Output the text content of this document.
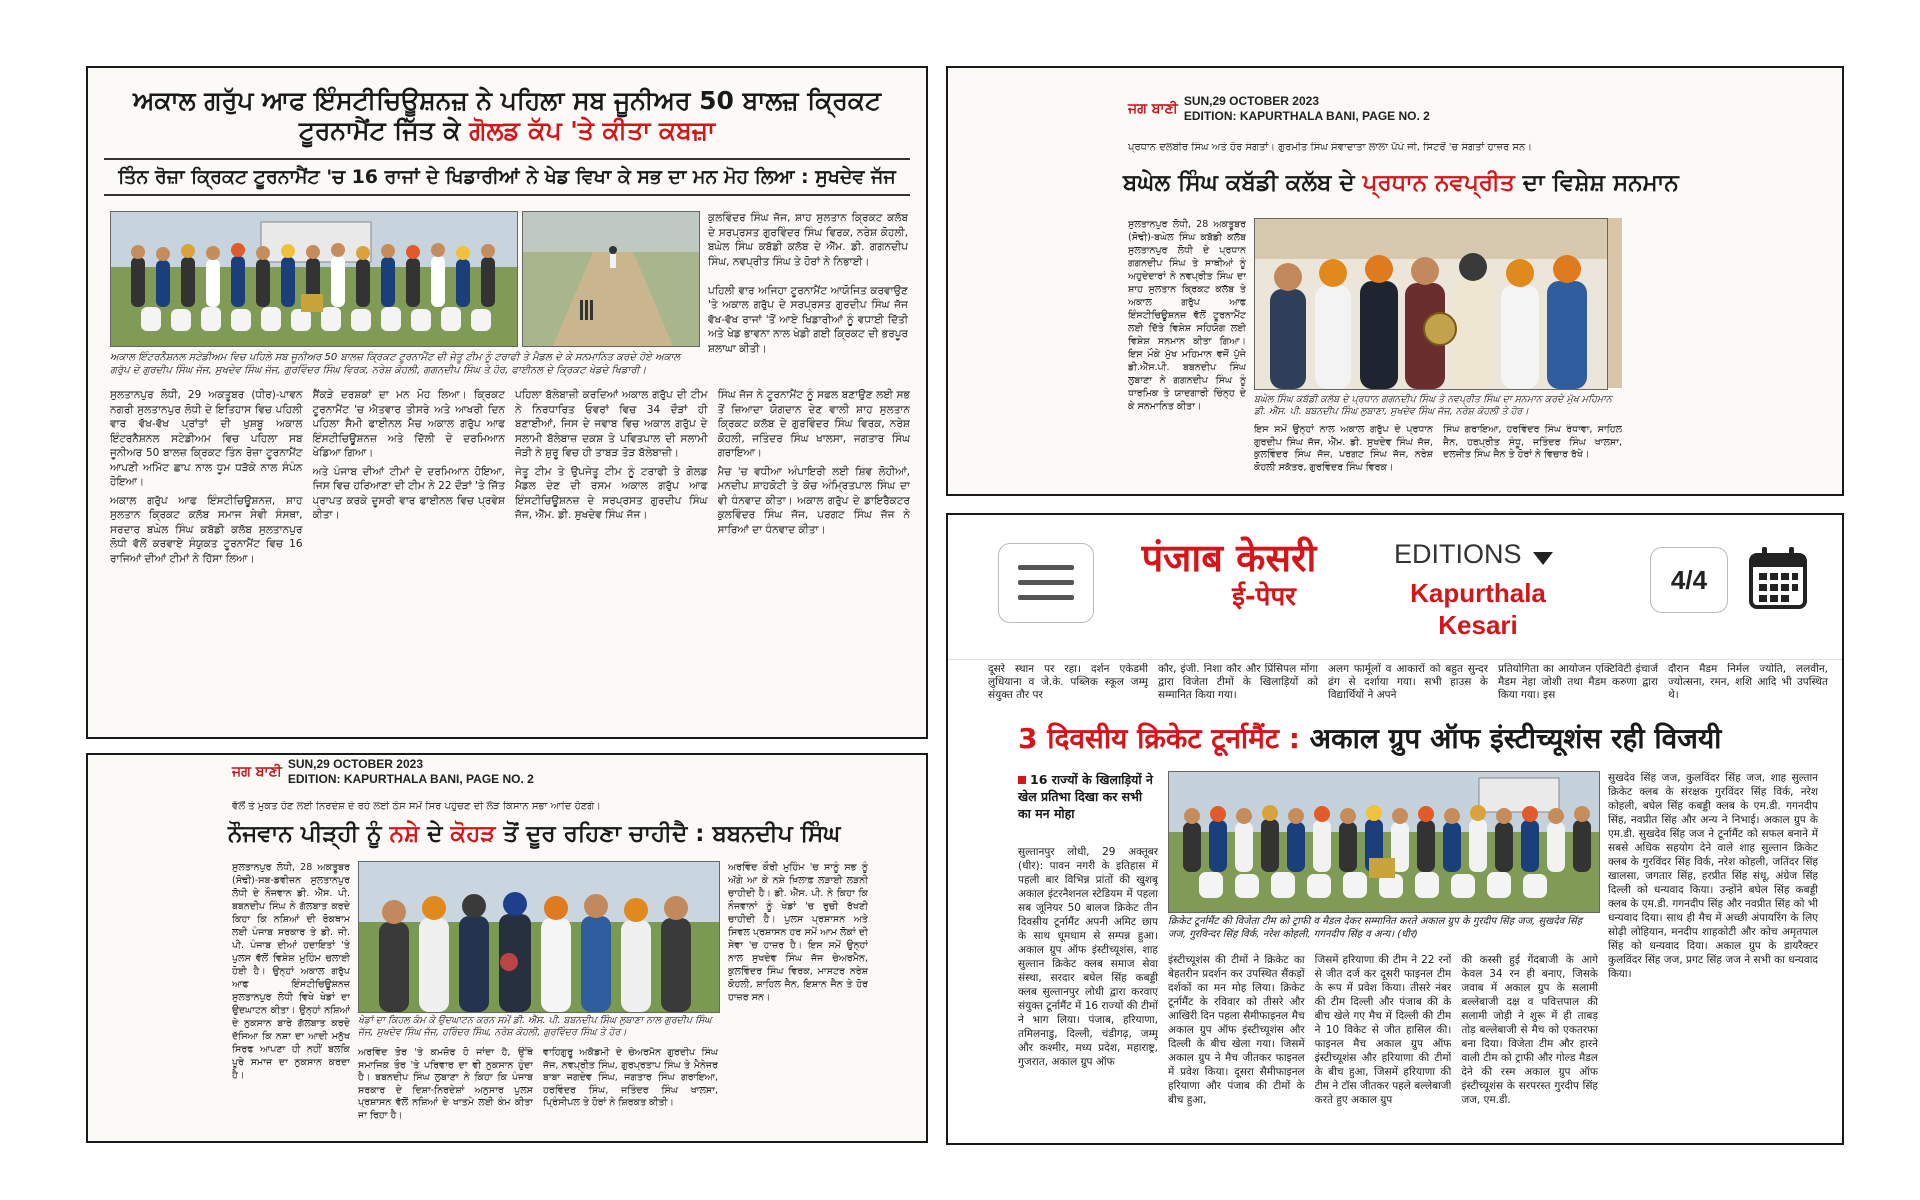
ਅਕਾਲ ਗਰੁੱਪ ਆਫ ਇੰਸਟੀਚਿਊਸ਼ਨਜ਼ ਨੇ ਪਹਿਲਾ ਸਬ ਜੂਨੀਅਰ 50 ਬਾਲਜ਼ ਕ੍ਰਿਕਟ ਟੂਰਨਾਮੈਂਟ ਜਿੱਤ ਕੇ ਗੋਲਡ ਕੱਪ 'ਤੇ ਕੀਤਾ ਕਬਜ਼ਾ
ਤਿੰਨ ਰੋਜ਼ਾ ਕ੍ਰਿਕਟ ਟੂਰਨਾਮੈਂਟ 'ਚ 16 ਰਾਜਾਂ ਦੇ ਖਿਡਾਰੀਆਂ ਨੇ ਖੇਡ ਵਿਖਾ ਕੇ ਸਭ ਦਾ ਮਨ ਮੋਹ ਲਿਆ : ਸੁਖਦੇਵ ਜੱਜ
ਅਕਾਲ ਇੰਟਰਨੈਸ਼ਨਲ ਸਟੇਡੀਅਮ ਵਿਚ ਪਹਿਲੇ ਸਬ ਜੂਨੀਅਰ 50 ਬਾਲਜ਼ ਕ੍ਰਿਕਟ ਟੂਰਨਾਮੈਂਟ ਦੀ ਜੇਤੂ ਟੀਮ ਨੂੰ ਟਰਾਫੀ ਤੇ ਮੈਡਲ ਦੇ ਕੇ ਸਨਮਾਨਿਤ ਕਰਦੇ ਹੋਏ ਅਕਾਲ ਗਰੁੱਪ ਦੇ ਗੁਰਦੀਪ ਸਿੰਘ ਜੱਜ, ਸੁਖਦੇਵ ਸਿੰਘ ਜੱਜ, ਗੁਰਵਿੰਦਰ ਸਿੰਘ ਵਿਰਕ, ਨਰੇਸ਼ ਕੋਹਲੀ, ਗਗਨਦੀਪ ਸਿੰਘ ਤੇ ਹੋਰ, ਫਾਈਨਲ ਦੇ ਕ੍ਰਿਕਟ ਖੇਡਦੇ ਖਿਡਾਰੀ।

ਕੁਲਵਿੰਦਰ ਸਿੰਘ ਜੱਜ, ਸ਼ਾਹ ਸੁਲਤਾਨ ਕ੍ਰਿਕਟ ਕਲੱਬ ਦੇ ਸਰਪ੍ਰਸਤ ਗੁਰਵਿੰਦਰ ਸਿੰਘ ਵਿਰਕ, ਨਰੇਸ਼ ਕੋਹਲੀ, ਬਘੇਲ ਸਿੰਘ ਕਬੱਡੀ ਕਲੱਬ ਦੇ ਐੱਮ. ਡੀ. ਗਗਨਦੀਪ ਸਿੰਘ, ਨਵਪ੍ਰੀਤ ਸਿੰਘ ਤੇ ਹੋਰਾਂ ਨੇ ਨਿਭਾਈ।

ਪਹਿਲੀ ਵਾਰ ਅਜਿਹਾ ਟੂਰਨਾਮੈਂਟ ਆਯੋਜਿਤ ਕਰਵਾਉਣ 'ਤੇ ਅਕਾਲ ਗਰੁੱਪ ਦੇ ਸਰਪ੍ਰਸਤ ਗੁਰਦੀਪ ਸਿੰਘ ਜੱਜ ਵੱਖ-ਵੱਖ ਰਾਜਾਂ 'ਤੋਂ ਆਏ ਖਿਡਾਰੀਆਂ ਨੂੰ ਵਧਾਈ ਦਿੱਤੀ ਅਤੇ ਖੇਡ ਭਾਵਨਾ ਨਾਲ ਖੇਡੀ ਗਈ ਕ੍ਰਿਕਟ ਦੀ ਭਰਪੂਰ ਸ਼ਲਾਘਾ ਕੀਤੀ।

ਸੁਲਤਾਨਪੁਰ ਲੋਧੀ, 29 ਅਕਤੂਬਰ (ਧੀਰ)-ਪਾਵਨ ਨਗਰੀ ਸੁਲਤਾਨਪੁਰ ਲੋਧੀ ਦੇ ਇਤਿਹਾਸ ਵਿਚ ਪਹਿਲੀ ਵਾਰ ਵੱਖ-ਵੱਖ ਪ੍ਰਾਂਤਾਂ ਦੀ ਖੁਸ਼ਬੂ ਅਕਾਲ ਇੰਟਰਨੈਸ਼ਨਲ ਸਟੇਡੀਅਮ ਵਿਚ ਪਹਿਲਾ ਸਬ ਜੂਨੀਅਰ 50 ਬਾਲਜ਼ ਕ੍ਰਿਕਟ ਤਿੰਨ ਰੋਜ਼ਾ ਟੂਰਨਾਮੈਂਟ ਆਪਣੀ ਅਮਿੱਟ ਛਾਪ ਨਾਲ ਧੂਮ ਧੜੱਕੇ ਨਾਲ ਸੰਪੰਨ ਹੋਇਆ।

ਅਕਾਲ ਗਰੁੱਪ ਆਫ ਇੰਸਟੀਚਿਊਸ਼ਨਜ਼, ਸ਼ਾਹ ਸੁਲਤਾਨ ਕ੍ਰਿਕਟ ਕਲੱਬ ਸਮਾਜ ਸੇਵੀ ਸੰਸਥਾ, ਸਰਦਾਰ ਬਘੇਲ ਸਿੰਘ ਕਬੱਡੀ ਕਲੱਬ ਸੁਲਤਾਨਪੁਰ ਲੋਧੀ ਵੱਲੋਂ ਕਰਵਾਏ ਸੰਯੁਕਤ ਟੂਰਨਾਮੈਂਟ ਵਿਚ 16 ਰਾਜਿਆਂ ਦੀਆਂ ਟੀਮਾਂ ਨੇ ਹਿੱਸਾ ਲਿਆ।

ਸੈਂਕੜੇ ਦਰਸ਼ਕਾਂ ਦਾ ਮਨ ਮੋਹ ਲਿਆ। ਕ੍ਰਿਕਟ ਟੂਰਨਾਮੈਂਟ 'ਚ ਐਤਵਾਰ ਤੀਸਰੇ ਅਤੇ ਆਖਰੀ ਦਿਨ ਪਹਿਲਾ ਸੈਮੀ ਫਾਈਨਲ ਮੈਚ ਅਕਾਲ ਗਰੁੱਪ ਆਫ ਇੰਸਟੀਚਿਊਸ਼ਨਜ਼ ਅਤੇ ਦਿੱਲੀ ਦੇ ਦਰਮਿਆਨ ਖੇਡਿਆ ਗਿਆ।

ਅਤੇ ਪੰਜਾਬ ਦੀਆਂ ਟੀਮਾਂ ਦੇ ਦਰਮਿਆਨ ਹੋਇਆ, ਜਿਸ ਵਿਚ ਹਰਿਆਣਾ ਦੀ ਟੀਮ ਨੇ 22 ਦੌੜਾਂ 'ਤੇ ਜਿੱਤ ਪ੍ਰਾਪਤ ਕਰਕੇ ਦੂਸਰੀ ਵਾਰ ਫਾਈਨਲ ਵਿਚ ਪ੍ਰਵੇਸ਼ ਕੀਤਾ।

ਪਹਿਲਾ ਬੱਲੇਬਾਜ਼ੀ ਕਰਦਿਆਂ ਅਕਾਲ ਗਰੁੱਪ ਦੀ ਟੀਮ ਨੇ ਨਿਰਧਾਰਿਤ ਓਵਰਾਂ ਵਿਚ 34 ਦੌੜਾਂ ਹੀ ਬਣਾਈਆਂ, ਜਿਸ ਦੇ ਜਵਾਬ ਵਿਚ ਅਕਾਲ ਗਰੁੱਪ ਦੇ ਸਲਾਮੀ ਬੱਲੇਬਾਜ਼ ਦਕਸ਼ ਤੇ ਪਵਿਤਪਾਲ ਦੀ ਸਲਾਮੀ ਜੋੜੀ ਨੇ ਸ਼ੁਰੂ ਵਿਚ ਹੀ ਤਾਬੜ ਤੋੜ ਬੱਲੇਬਾਜ਼ੀ।

ਜੇਤੂ ਟੀਮ ਤੇ ਉਪਜੇਤੂ ਟੀਮ ਨੂੰ ਟਰਾਫੀ ਤੇ ਗੋਲਡ ਮੈਡਲ ਦੇਣ ਦੀ ਰਸਮ ਅਕਾਲ ਗਰੁੱਪ ਆਫ ਇੰਸਟੀਚਿਊਸ਼ਨਜ਼ ਦੇ ਸਰਪ੍ਰਸਤ ਗੁਰਦੀਪ ਸਿੰਘ ਜੱਜ, ਐੱਮ. ਡੀ. ਸੁਖਦੇਵ ਸਿੰਘ ਜੱਜ।

ਸਿੰਘ ਜੱਜ ਨੇ ਟੂਰਨਾਮੈਂਟ ਨੂੰ ਸਫਲ ਬਣਾਉਣ ਲਈ ਸਭ ਤੋਂ ਜ਼ਿਆਦਾ ਯੋਗਦਾਨ ਦੇਣ ਵਾਲੀ ਸ਼ਾਹ ਸੁਲਤਾਨ ਕ੍ਰਿਕਟ ਕਲੱਬ ਦੇ ਗੁਰਵਿੰਦਰ ਸਿੰਘ ਵਿਰਕ, ਨਰੇਸ਼ ਕੋਹਲੀ, ਜਤਿੰਦਰ ਸਿੰਘ ਖਾਲਸਾ, ਜਗਤਾਰ ਸਿੰਘ ਗਰਾਇਆ।

ਮੈਚ 'ਚ ਵਧੀਆ ਅੰਪਾਇਰੀ ਲਈ ਸ਼ਿਵ ਲੋਹੀਆਂ, ਮਨਦੀਪ ਸ਼ਾਹਕੋਟੀ ਤੇ ਕੋਚ ਅੰਮ੍ਰਿਤਪਾਲ ਸਿੰਘ ਦਾ ਵੀ ਧੰਨਵਾਦ ਕੀਤਾ। ਅਕਾਲ ਗਰੁੱਪ ਦੇ ਡਾਇਰੈਕਟਰ ਕੁਲਵਿੰਦਰ ਸਿੰਘ ਜੱਜ, ਪਰਗਟ ਸਿੰਘ ਜੱਜ ਨੇ ਸਾਰਿਆਂ ਦਾ ਧੰਨਵਾਦ ਕੀਤਾ।

ਜਗ ਬਾਣੀ SUN,29 OCTOBER 2023
EDITION: KAPURTHALA BANI, PAGE NO. 2
ਪ੍ਰਧਾਨ ਦਲਬੀਰ ਸਿੰਘ ਅਤੇ ਹੋਰ ਸੰਗਤਾਂ। ਗੁਰਮੀਤ ਸਿੰਘ ਸੰਵਾਦਾਤਾ ਲਾਲਾ ਪੱਪੇ ਜੀ, ਸਿਟਰੋਂ 'ਚ ਸੰਗਤਾਂ ਹਾਜ਼ਰ ਸਨ।
ਬਘੇਲ ਸਿੰਘ ਕਬੱਡੀ ਕਲੱਬ ਦੇ ਪ੍ਰਧਾਨ ਨਵਪ੍ਰੀਤ ਦਾ ਵਿਸ਼ੇਸ਼ ਸਨਮਾਨ

ਸੁਲਤਾਨਪੁਰ ਲੋਧੀ, 28 ਅਕਤੂਬਰ (ਸੋਢੀ)-ਬਘੇਲ ਸਿੰਘ ਕਬੱਡੀ ਕਲੱਬ ਸੁਲਤਾਨਪੁਰ ਲੋਧੀ ਦੇ ਪ੍ਰਧਾਨ ਗਗਨਦੀਪ ਸਿੰਘ ਤੇ ਸਾਥੀਆਂ ਨੂੰ ਅਹੁਦੇਦਾਰਾਂ ਨੇ ਨਵਪ੍ਰੀਤ ਸਿੰਘ ਦਾ ਸ਼ਾਹ ਸੁਲਤਾਨ ਕ੍ਰਿਕਟ ਕਲੱਬ ਤੇ ਅਕਾਲ ਗਰੁੱਪ ਆਫ ਇੰਸਟੀਚਿਊਸ਼ਨਜ਼ ਵੱਲੋਂ ਟੂਰਨਾਮੈਂਟ ਲਈ ਦਿੱਤੇ ਵਿਸ਼ੇਸ਼ ਸਹਿਯੋਗ ਲਈ ਵਿਸ਼ੇਸ਼ ਸਨਮਾਨ ਕੀਤਾ ਗਿਆ। ਇਸ ਮੌਕੇ ਮੁੱਖ ਮਹਿਮਾਨ ਵਜੋਂ ਪੁੱਜੇ ਡੀ.ਐੱਸ.ਪੀ. ਬਬਨਦੀਪ ਸਿੰਘ ਲੁਬਾਣਾ ਨੇ ਗਗਨਦੀਪ ਸਿੰਘ ਨੂੰ ਧਾਰਮਿਕ ਤੇ ਯਾਦਗਾਰੀ ਚਿੰਨ੍ਹ ਦੇ ਕੇ ਸਨਮਾਨਿਤ ਕੀਤਾ।

ਬਘੇਲ ਸਿੰਘ ਕਬੱਡੀ ਕਲੱਬ ਦੇ ਪ੍ਰਧਾਨ ਗਗਨਦੀਪ ਸਿੰਘ ਤੇ ਨਵਪ੍ਰੀਤ ਸਿੰਘ ਦਾ ਸਨਮਾਨ ਕਰਦੇ ਮੁੱਖ ਮਹਿਮਾਨ ਡੀ. ਐੱਸ. ਪੀ. ਬਬਨਦੀਪ ਸਿੰਘ ਲੁਬਾਣਾ, ਸੁਖਦੇਵ ਸਿੰਘ ਜੱਜ, ਨਰੇਸ਼ ਕੋਹਲੀ ਤੇ ਹੋਰ।

ਇਸ ਸਮੇਂ ਉਨ੍ਹਾਂ ਨਾਲ ਅਕਾਲ ਗਰੁੱਪ ਦੇ ਪ੍ਰਧਾਨ ਗੁਰਦੀਪ ਸਿੰਘ ਜੱਜ, ਐੱਮ. ਡੀ. ਸੁਖਦੇਵ ਸਿੰਘ ਜੱਜ, ਕੁਲਵਿੰਦਰ ਸਿੰਘ ਜੱਜ, ਪਰਗਟ ਸਿੰਘ ਜੱਜ, ਨਰੇਸ਼ ਕੋਹਲੀ ਸਕੱਤਰ, ਗੁਰਵਿੰਦਰ ਸਿੰਘ ਵਿਰਕ।

ਸਿੰਘ ਗਰਾਇਆ, ਹਰਵਿੰਦਰ ਸਿੰਘ ਰੰਧਾਵਾ, ਸਾਹਿਲ ਜੈਨ, ਹਰਪ੍ਰੀਤ ਸੰਧੂ, ਜਤਿੰਦਰ ਸਿੰਘ ਖਾਲਸਾ, ਦਲਜੀਤ ਸਿੰਘ ਜੈਨ ਤੇ ਹੋਰਾਂ ਨੇ ਵਿਚਾਰ ਰੱਖੇ।

ਜਗ ਬਾਣੀ SUN,29 OCTOBER 2023
EDITION: KAPURTHALA BANI, PAGE NO. 2
ਵੱਲੋਂ ਤੇ ਮੁਕਤ ਹੋਣ ਲਈ ਨਿਰਦੇਸ਼ ਦੇ ਰਹੇ ਲਈ ਠੋਸ ਸਮੇਂ ਸਿਰ ਪਹੁੰਚਣ ਦੀ ਲੋੜ ਕਿਸਾਨ ਸਭਾ ਆਦਿ ਹੋਣਗੇ।
ਨੌਜਵਾਨ ਪੀੜ੍ਹੀ ਨੂੰ ਨਸ਼ੇ ਦੇ ਕੋਹੜ ਤੋਂ ਦੂਰ ਰਹਿਣਾ ਚਾਹੀਦੈ : ਬਬਨਦੀਪ ਸਿੰਘ

ਸੁਲਤਾਨਪੁਰ ਲੋਧੀ, 28 ਅਕਤੂਬਰ (ਸੋਢੀ)-ਸਬ-ਡਵੀਜ਼ਨ ਸੁਲਤਾਨਪੁਰ ਲੋਧੀ ਦੇ ਨੌਜਵਾਨ ਡੀ. ਐੱਸ. ਪੀ. ਬਬਨਦੀਪ ਸਿੰਘ ਨੇ ਗੱਲਬਾਤ ਕਰਦੇ ਕਿਹਾ ਕਿ ਨਸ਼ਿਆਂ ਦੀ ਰੋਕਥਾਮ ਲਈ ਪੰਜਾਬ ਸਰਕਾਰ ਤੇ ਡੀ. ਜੀ. ਪੀ. ਪੰਜਾਬ ਦੀਆਂ ਹਦਾਇਤਾਂ 'ਤੇ ਪੁਲਸ ਵੱਲੋਂ ਵਿਸ਼ੇਸ਼ ਮੁਹਿੰਮ ਚਲਾਈ ਹੋਈ ਹੈ। ਉਨ੍ਹਾਂ ਅਕਾਲ ਗਰੁੱਪ ਆਫ ਇੰਸਟੀਚਿਊਸ਼ਨਜ਼ ਸੁਲਤਾਨਪੁਰ ਲੋਧੀ ਵਿਖੇ ਖੇਡਾਂ ਦਾ ਉਦਘਾਟਨ ਕੀਤਾ। ਉਨ੍ਹਾਂ ਨਸ਼ਿਆਂ ਦੇ ਨੁਕਸਾਨ ਬਾਰੇ ਗੱਲਬਾਤ ਕਰਦੇ ਦੱਸਿਆ ਕਿ ਨਸ਼ਾ ਦਾ ਆਦੀ ਮਨੁੱਖ ਸਿਰਫ ਆਪਣਾ ਹੀ ਨਹੀਂ ਬਲਕਿ ਪੂਰੇ ਸਮਾਜ ਦਾ ਨੁਕਸਾਨ ਕਰਦਾ ਹੈ।

ਖੇਡਾਂ ਦਾ ਕਿਹਲ ਕੰਮ ਕੇ ਉਦਘਾਟਨ ਕਰਨ ਸਮੇਂ ਡੀ. ਐੱਸ. ਪੀ. ਬਬਨਦੀਪ ਸਿੰਘ ਲੁਬਾਣਾ ਨਾਲ ਗੁਰਦੀਪ ਸਿੰਘ ਜੱਜ, ਸੁਖਦੇਵ ਸਿੰਘ ਜੱਜ, ਹਰਿੰਦਰ ਸਿੰਘ, ਨਰੇਸ਼ ਕੋਹਲੀ, ਗੁਰਵਿੰਦਰ ਸਿੰਘ ਤੇ ਹੋਰ।

ਅਰਵਿੰਦ ਤੋਰ 'ਤੇ ਕਮਜ਼ੋਰ ਹੋ ਜਾਂਦਾ ਹੈ, ਉੱਥੇ ਸਮਾਜਿਕ ਤੌਰ 'ਤੇ ਪਰਿਵਾਰ ਦਾ ਵੀ ਨੁਕਸਾਨ ਹੁੰਦਾ ਹੈ। ਬਬਨਦੀਪ ਸਿੰਘ ਲੁਬਾਣਾ ਨੇ ਕਿਹਾ ਕਿ ਪੰਜਾਬ ਸਰਕਾਰ ਦੇ ਦਿਸ਼ਾ-ਨਿਰਦੇਸ਼ਾਂ ਅਨੁਸਾਰ ਪੁਲਸ ਪ੍ਰਸ਼ਾਸਨ ਵੱਲੋਂ ਨਸ਼ਿਆਂ ਦੇ ਖਾਤਮੇ ਲਈ ਕੰਮ ਕੀਤਾ ਜਾ ਰਿਹਾ ਹੈ।

ਵਾਹਿਗੁਰੂ ਅਕੈਡਮੀ ਦੇ ਚੇਅਰਮੈਨ ਗੁਰਦੀਪ ਸਿੰਘ ਜੱਜ, ਨਵਪ੍ਰੀਤ ਸਿੰਘ, ਗੁਰਪ੍ਰਤਾਪ ਸਿੰਘ ਤੇ ਮੈਨੇਜਰ ਬਾਬਾ ਜਗਦੇਵ ਸਿੰਘ, ਜਗਤਾਰ ਸਿੰਘ ਗਰਾਇਆ, ਹਰਵਿੰਦਰ ਸਿੰਘ, ਜਤਿੰਦਰ ਸਿੰਘ ਖਾਲਸਾ, ਪ੍ਰਿੰਸੀਪਲ ਤੇ ਹੋਰਾਂ ਨੇ ਸ਼ਿਰਕਤ ਕੀਤੀ।

ਅਰਵਿੰਦ ਕੌਰੀ ਮੁਹਿੰਮ 'ਚ ਸਾਨੂੰ ਸਭ ਨੂੰ ਅੱਗੇ ਆ ਕੇ ਨਸ਼ੇ ਖ਼ਿਲਾਫ਼ ਲੜਾਈ ਲੜਨੀ ਚਾਹੀਦੀ ਹੈ। ਡੀ. ਐੱਸ. ਪੀ. ਨੇ ਕਿਹਾ ਕਿ ਨੌਜਵਾਨਾਂ ਨੂੰ ਖੇਡਾਂ 'ਚ ਰੁਚੀ ਰੱਖਣੀ ਚਾਹੀਦੀ ਹੈ। ਪੁਲਸ ਪ੍ਰਸ਼ਾਸਨ ਅਤੇ ਸਿਵਲ ਪ੍ਰਸ਼ਾਸਨ ਹਰ ਸਮੇਂ ਆਮ ਲੋਕਾਂ ਦੀ ਸੇਵਾ 'ਚ ਹਾਜ਼ਰ ਹੈ। ਇਸ ਸਮੇਂ ਉਨ੍ਹਾਂ ਨਾਲ ਸੁਖਦੇਵ ਸਿੰਘ ਜੱਜ ਚੇਅਰਮੈਨ, ਕੁਲਵਿੰਦਰ ਸਿੰਘ ਵਿਰਕ, ਮਾਸਟਰ ਨਰੇਸ਼ ਕੋਹਲੀ, ਸ਼ਾਹਿਲ ਜੈਨ, ਇਸ਼ਾਨ ਜੈਨ ਤੇ ਹੋਰ ਹਾਜ਼ਰ ਸਨ।

पंजाब केसरी
ई-पेपर
EDITIONS
Kapurthala Kesari
4/4

दूसरे स्थान पर रहा। दर्शन एकेडमी लुधियाना व जे.के. पब्लिक स्कूल जम्मू संयुक्त तौर पर

कौर, इंजी. निशा कौर और प्रिंसिपल मोंगा द्वारा विजेता टीमों के खिलाड़ियों को सम्मानित किया गया।

अलग फार्मूलों व आकारों को बहुत सुन्दर ढंग से दर्शाया गया। सभी हाउस के विद्यार्थियों ने अपने

प्रतियोगिता का आयोजन एक्टिविटी इंचार्ज मैडम नेहा जोशी तथा मैडम करुणा द्वारा किया गया। इस

दौरान मैडम निर्मल ज्योति, ललवीन, ज्योत्सना, रमन, शशि आदि भी उपस्थित थे।

3 दिवसीय क्रिकेट टूर्नामैंट : अकाल ग्रुप ऑफ इंस्टीच्यूशंस रही विजयी
16 राज्यों के खिलाड़ियों ने खेल प्रतिभा दिखा कर सभी का मन मोहा

सुल्तानपुर लोधी, 29 अक्तूबर (धीर): पावन नगरी के इतिहास में पहली बार विभिन्न प्रांतों की खुशबू अकाल इंटरनैशनल स्टेडियम में पहला सब जूनियर 50 बालज क्रिकेट तीन दिवसीय टूर्नामैंट अपनी अमिट छाप के साथ धूमधाम से सम्पन्न हुआ। अकाल ग्रुप ऑफ इंस्टीच्यूशंस, शाह सुल्तान क्रिकेट क्लब समाज सेवा संस्था, सरदार बघेल सिंह कबड्डी क्लब सुल्तानपुर लोधी द्वारा करवाए संयुक्त टूर्नामैंट में 16 राज्यों की टीमों ने भाग लिया। पंजाब, हरियाणा, तमिलनाडु, दिल्ली, चंडीगढ़, जम्मू और कश्मीर, मध्य प्रदेश, महाराष्ट्र, गुजरात, अकाल ग्रुप ऑफ

क्रिकेट टूर्नामैंट की विजेता टीम को ट्राफी व मैडल देकर सम्मानित करते अकाल ग्रुप के गुरदीप सिंह जज, सुखदेव सिंह जज, गुरविन्दर सिंह विर्क, नरेश कोहली, गगनदीप सिंह व अन्य। (धीर)

सुखदेव सिंह जज, कुलविंदर सिंह जज, शाह सुल्तान क्रिकेट क्लब के संरक्षक गुरविंदर सिंह विर्क, नरेश कोहली, बघेल सिंह कबड्डी क्लब के एम.डी. गगनदीप सिंह, नवप्रीत सिंह और अन्य ने निभाई। अकाल ग्रुप के एम.डी. सुखदेव सिंह जज ने टूर्नामैंट को सफल बनाने में सबसे अधिक सहयोग देने वाले शाह सुल्तान क्रिकेट क्लब के गुरविंदर सिंह विर्क, नरेश कोहली, जतिंदर सिंह खालसा, जगतार सिंह, हरप्रीत सिंह संधू, अंग्रेज सिंह दिल्ली को धन्यवाद किया। उन्होंने बघेल सिंह कबड्डी क्लब के एम.डी. गगनदीप सिंह और नवप्रीत सिंह को भी धन्यवाद दिया। साथ ही मैच में अच्छी अंपायरिंग के लिए सोढ़ी लोहियान, मनदीप शाहकोटी और कोच अमृतपाल सिंह को धन्यवाद दिया। अकाल ग्रुप के डायरैक्टर कुलविंदर सिंह जज, प्रगट सिंह जज ने सभी का धन्यवाद किया।

इंस्टीच्यूशंस की टीमों ने क्रिकेट का बेहतरीन प्रदर्शन कर उपस्थित सैंकड़ों दर्शकों का मन मोह लिया। क्रिकेट टूर्नामैंट के रविवार को तीसरे और आखिरी दिन पहला सैमीफाइनल मैच अकाल ग्रुप ऑफ इंस्टीच्यूशंस और दिल्ली के बीच खेला गया। जिसमें अकाल ग्रुप ने मैच जीतकर फाइनल में प्रवेश किया। दूसरा सैमीफाइनल हरियाणा और पंजाब की टीमों के बीच हुआ,

जिसमें हरियाणा की टीम ने 22 रनों से जीत दर्ज कर दूसरी फाइनल टीम के रूप में प्रवेश किया। तीसरे नंबर की टीम दिल्ली और पंजाब की के बीच खेले गए मैच में दिल्ली की टीम ने 10 विकेट से जीत हासिल की। फाइनल मैच अकाल ग्रुप ऑफ इंस्टीच्यूशंस और हरियाणा की टीमों के बीच हुआ, जिसमें हरियाणा की टीम ने टॉस जीतकर पहले बल्लेबाजी करते हुए अकाल ग्रुप

की कस्सी हुई गेंदबाजी के आगे केवल 34 रन ही बनाए, जिसके जवाब में अकाल ग्रुप के सलामी बल्लेबाजी दक्ष व पवित्तपाल की सलामी जोड़ी ने शुरू में ही ताबड़ तोड़ बल्लेबाजी से मैच को एकतरफा बना दिया। विजेता टीम और हारने वाली टीम को ट्राफी और गोल्ड मैडल देने की रस्म अकाल ग्रुप ऑफ इंस्टीच्यूशंस के सरपरस्त गुरदीप सिंह जज, एम.डी.
